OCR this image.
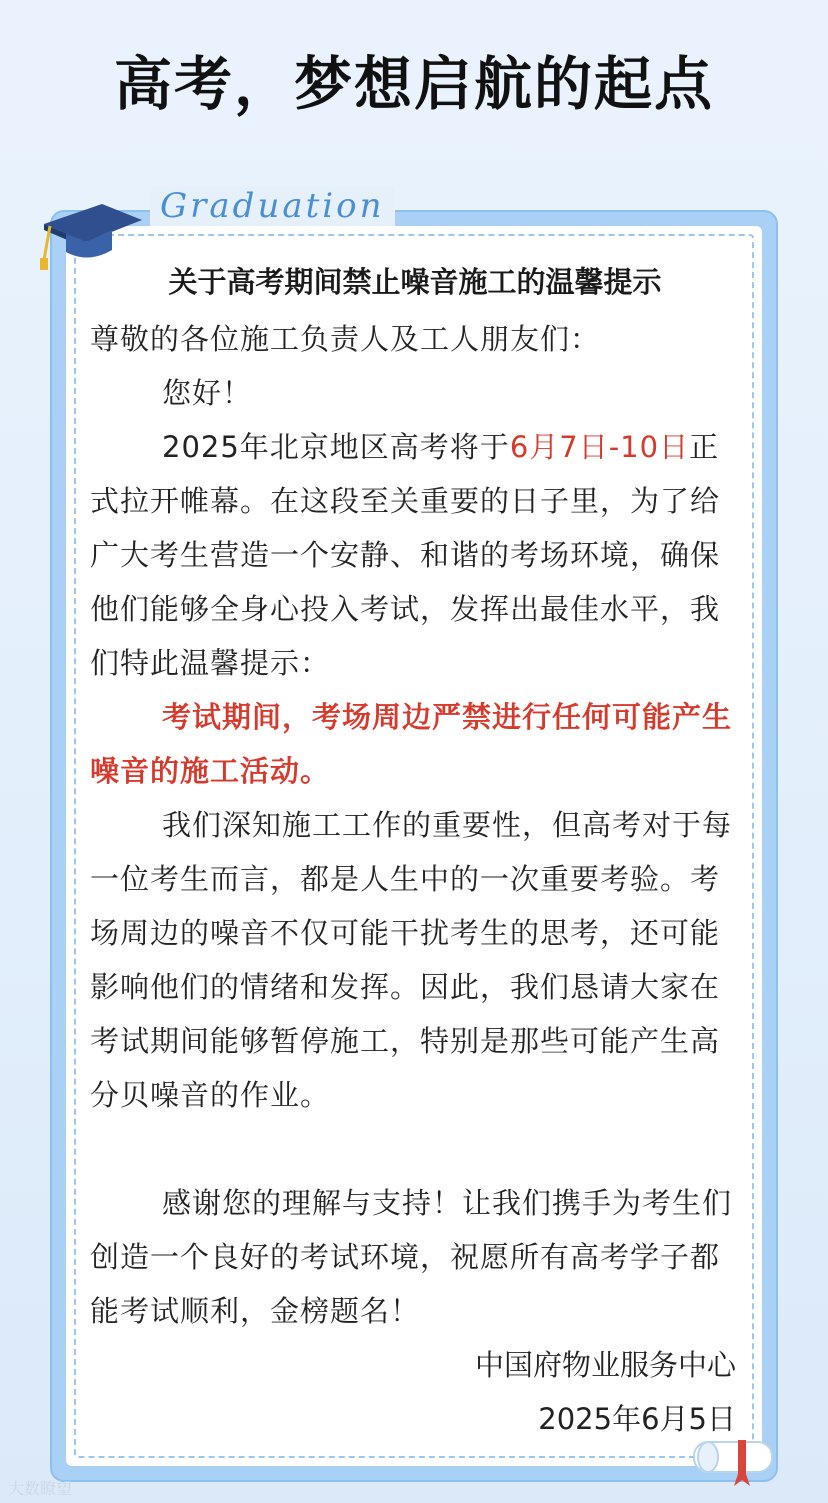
高考，梦想启航的起点
Graduation
关于高考期间禁止噪音施工的温馨提示
尊敬的各位施工负责人及工人朋友们：
您好！
2025年北京地区高考将于6月7日-10日正式拉开帷幕。在这段至关重要的日子里，为了给广大考生营造一个安静、和谐的考场环境，确保他们能够全身心投入考试，发挥出最佳水平，我们特此温馨提示：
考试期间，考场周边严禁进行任何可能产生噪音的施工活动。
我们深知施工工作的重要性，但高考对于每一位考生而言，都是人生中的一次重要考验。考场周边的噪音不仅可能干扰考生的思考，还可能影响他们的情绪和发挥。因此，我们恳请大家在考试期间能够暂停施工，特别是那些可能产生高分贝噪音的作业。
感谢您的理解与支持！让我们携手为考生们创造一个良好的考试环境，祝愿所有高考学子都能考试顺利，金榜题名！
中国府物业服务中心
2025年6月5日
大数瞭望
